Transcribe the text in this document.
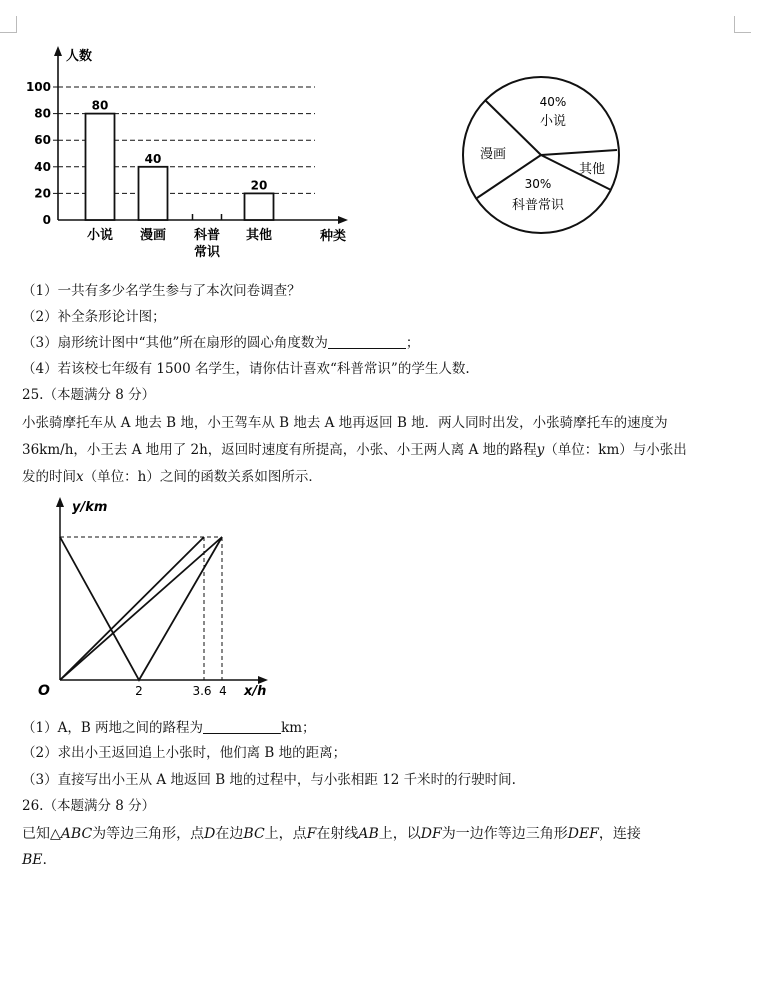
人数
种类
0
20
40
60
80
100
80
小说
40
漫画 科普
常识
20
其他
40%
小说
漫画
其他
30%
科普常识
（1）一共有多少名学生参与了本次问卷调查？
（2）补全条形论计图；
（3）扇形统计图中“其他”所在扇形的圆心角度数为	；
（4）若该校七年级有 1500 名学生，请你估计喜欢“科普常识”的学生人数.
25.（本题满分 8 分）
小张骑摩托车从 A 地去 B 地，小王驾车从 B 地去 A 地再返回 B 地．两人同时出发，小张骑摩托车的速度为
36km/h，小王去 A 地用了 2h，返回时速度有所提高，小张、小王两人离 A 地的路程y（单位：km）与小张出
发的时间x（单位：h）之间的函数关系如图所示．
y/km
O	2	3.6 4 x/h
（1）A，B 两地之间的路程为	km；
（2）求出小王返回追上小张时，他们离 B 地的距离；
（3）直接写出小王从 A 地返回 B 地的过程中，与小张相距 12 千米时的行驶时间.
26.（本题满分 8 分）
已知△ABC为等边三角形，点D在边BC上，点F在射线AB上，以DF为一边作等边三角形DEF，连接
BE.
